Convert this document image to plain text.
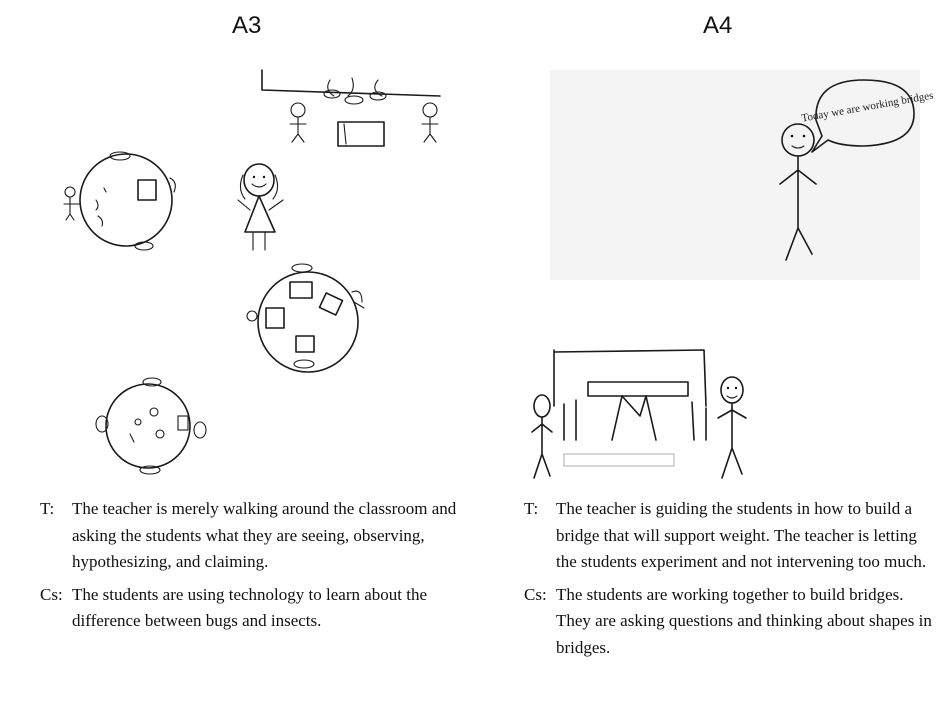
A3	A4
Today we are working bridges
T: The teacher is merely walking around the classroom and asking the students what they are seeing, observing, hypothesizing, and claiming.
Cs: The students are using technology to learn about the difference between bugs and insects.
T: The teacher is guiding the students in how to build a bridge that will support weight. The teacher is letting the students experiment and not intervening too much.
Cs: The students are working together to build bridges. They are asking questions and thinking about shapes in bridges.
